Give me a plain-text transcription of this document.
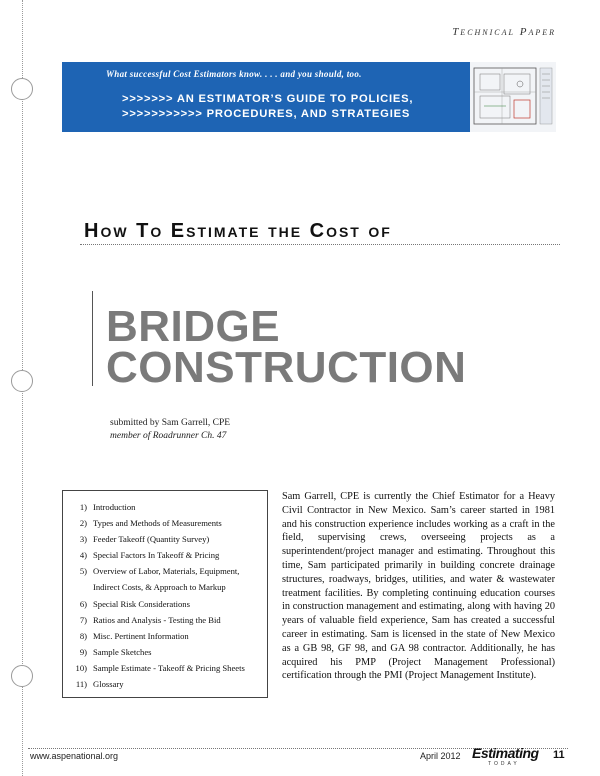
Technical Paper
What successful Cost Estimators know. . . . and you should, too.
>>>>>>> AN ESTIMATOR’S GUIDE TO POLICIES,
>>>>>>>>>>> PROCEDURES, AND STRATEGIES
How To Estimate the Cost of
BRIDGE
CONSTRUCTION
submitted by Sam Garrell, CPE
member of Roadrunner Ch. 47
1) Introduction
2) Types and Methods of Measurements
3) Feeder Takeoff (Quantity Survey)
4) Special Factors In Takeoff & Pricing
5) Overview of Labor, Materials, Equipment,
Indirect Costs, & Approach to Markup
6) Special Risk Considerations
7) Ratios and Analysis - Testing the Bid
8) Misc. Pertinent Information
9) Sample Sketches
10) Sample Estimate - Takeoff & Pricing Sheets
11) Glossary

Sam Garrell, CPE is currently the Chief Estimator for a Heavy Civil Contractor in New Mexico. Sam’s career started in 1981 and his construction experience includes working as a craft in the field, supervising crews, overseeing projects as a superintendent/project manager and estimating. Throughout this time, Sam participated primarily in building concrete drainage structures, roadways, bridges, utilities, and water & wastewater treatment facilities. By completing continuing education courses in construction management and estimating, along with having 20 years of valuable field experience, Sam has created a successful career in estimating. Sam is licensed in the state of New Mexico as a GB 98, GF 98, and GA 98 contractor. Additionally, he has acquired his PMP (Project Management Professional) certification through the PMI (Project Management Institute).

www.aspenational.org	April 2012 Estimating
TODAY
11
